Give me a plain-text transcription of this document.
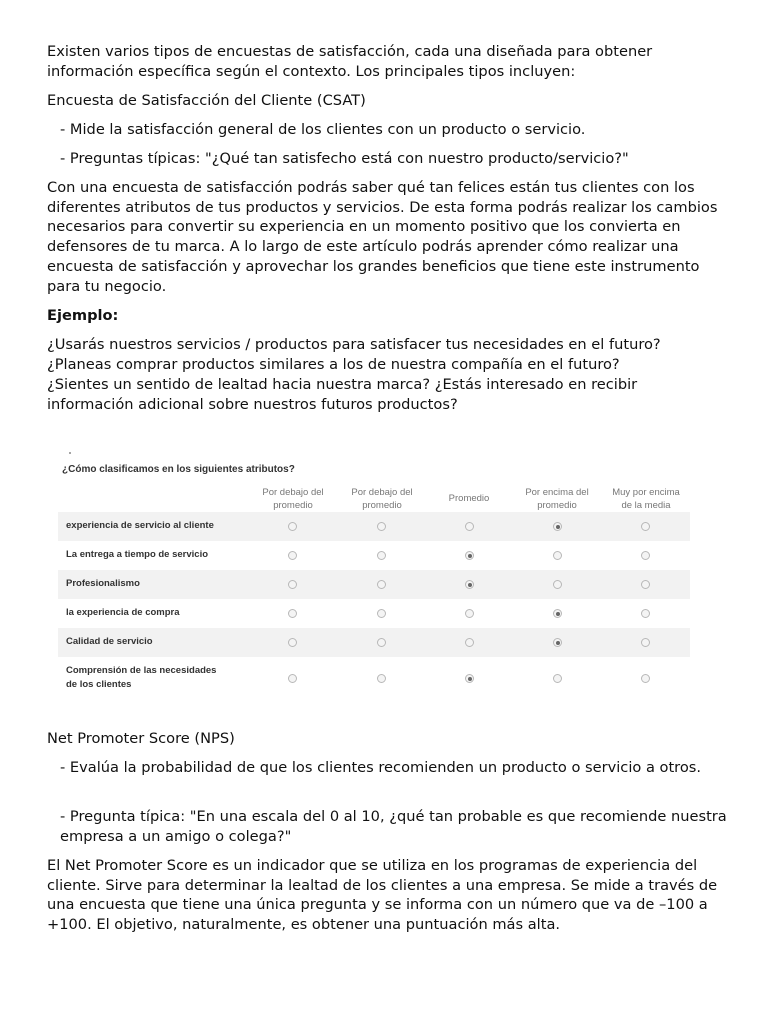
Existen varios tipos de encuestas de satisfacción, cada una diseñada para obtener información específica según el contexto. Los principales tipos incluyen:

Encuesta de Satisfacción del Cliente (CSAT)

- Mide la satisfacción general de los clientes con un producto o servicio.

- Preguntas típicas: "¿Qué tan satisfecho está con nuestro producto/servicio?"

Con una encuesta de satisfacción podrás saber qué tan felices están tus clientes con los diferentes atributos de tus productos y servicios. De esta forma podrás realizar los cambios necesarios para convertir su experiencia en un momento positivo que los convierta en defensores de tu marca. A lo largo de este artículo podrás aprender cómo realizar una encuesta de satisfacción y aprovechar los grandes beneficios que tiene este instrumento para tu negocio.

Ejemplo:

¿Usarás nuestros servicios / productos para satisfacer tus necesidades en el futuro?

¿Planeas comprar productos similares a los de nuestra compañía en el futuro?

¿Sientes un sentido de lealtad hacia nuestra marca? ¿Estás interesado en recibir información adicional sobre nuestros futuros productos?

¿Cómo clasificamos en los siguientes atributos?
Por debajo del
promedio
Por debajo del
promedio
Promedio
Por encima del
promedio
Muy por encima
de la media
experiencia de servicio al cliente
La entrega a tiempo de servicio
Profesionalismo
la experiencia de compra
Calidad de servicio
Comprensión de las necesidades
de los clientes

Net Promoter Score (NPS)

- Evalúa la probabilidad de que los clientes recomienden un producto o servicio a otros.

- Pregunta típica: "En una escala del 0 al 10, ¿qué tan probable es que recomiende nuestra empresa a un amigo o colega?"

El Net Promoter Score es un indicador que se utiliza en los programas de experiencia del cliente. Sirve para determinar la lealtad de los clientes a una empresa. Se mide a través de una encuesta que tiene una única pregunta y se informa con un número que va de –100 a +100. El objetivo, naturalmente, es obtener una puntuación más alta.
